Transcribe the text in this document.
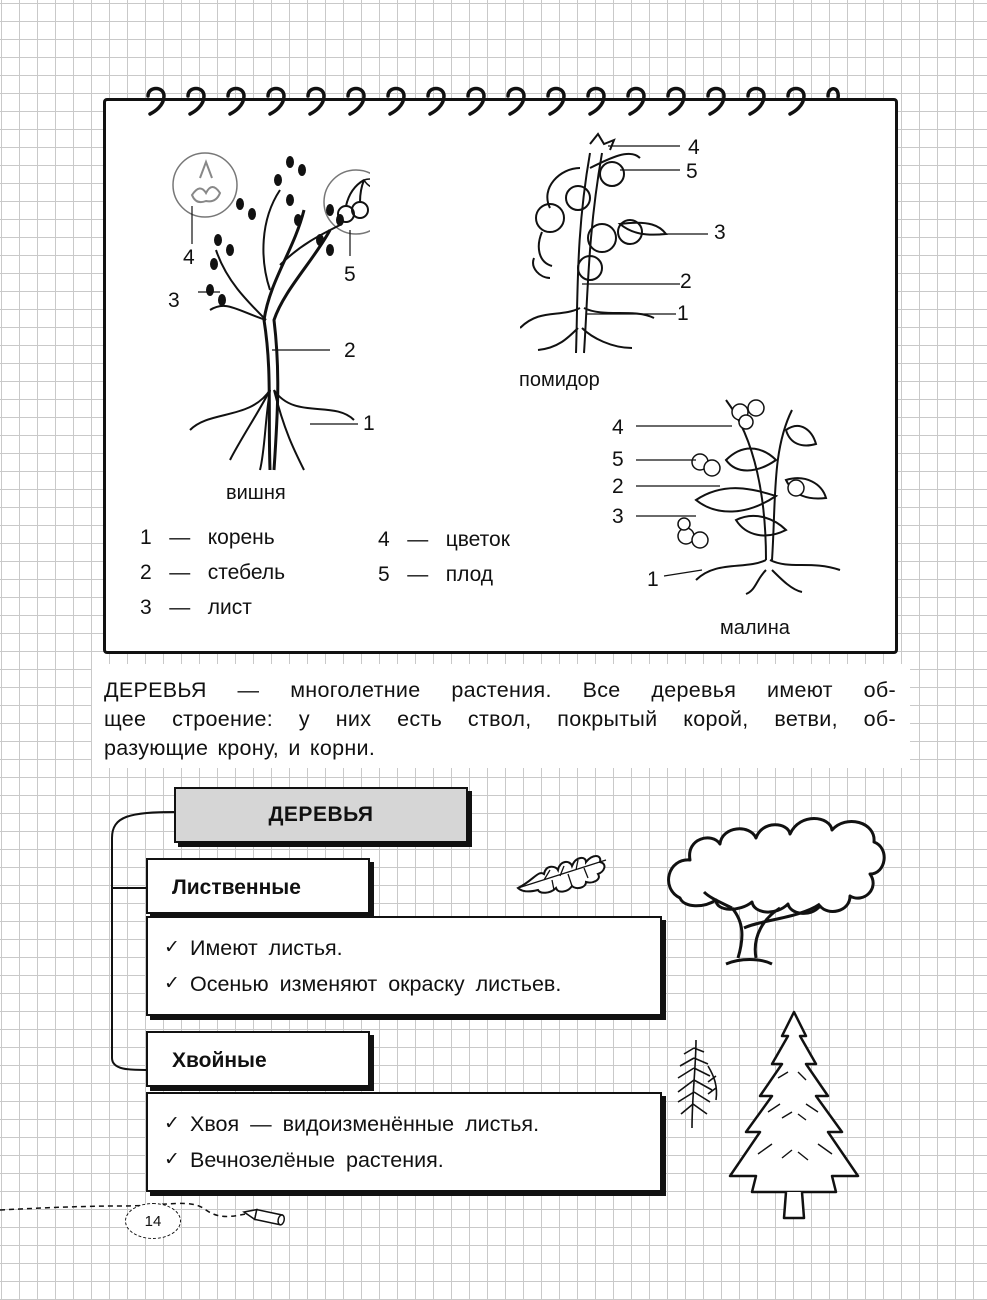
4
5
3
2
1
вишня
4
5
3
2
1
помидор
4
5
2
3
1
малина
1 — корень
2 — стебель
3 — лист
4 — цветок
5 — плод
ДЕРЕВЬЯ — многолетние растения. Все деревья имеют об-
щее строение: у них есть ствол, покрытый корой, ветви, об-
разующие крону, и корни.
ДЕРЕВЬЯ
Лиственные
✓ Имеют листья.
✓ Осенью изменяют окраску листьев.
Хвойные
✓ Хвоя — видоизменённые листья.
✓ Вечнозелёные растения.
14
